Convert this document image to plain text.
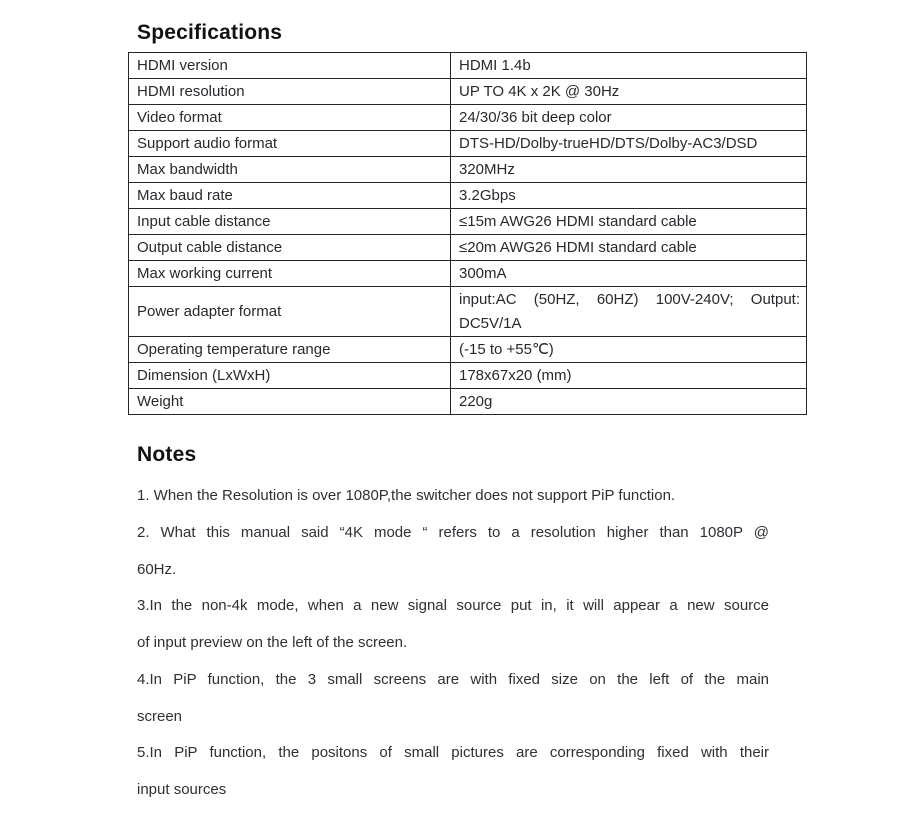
Specifications
HDMI version	HDMI 1.4b
HDMI resolution	UP TO 4K x 2K @ 30Hz
Video format	24/30/36 bit deep color
Support audio format	DTS-HD/Dolby-trueHD/DTS/Dolby-AC3/DSD
Max bandwidth	320MHz
Max baud rate	3.2Gbps
Input cable distance	≤15m AWG26 HDMI standard cable
Output cable distance	≤20m AWG26 HDMI standard cable
Max working current	300mA
Power adapter format	input:AC (50HZ, 60HZ) 100V-240V; Output:
DC5V/1A

Operating temperature range	(-15 to +55℃)
Dimension (LxWxH)	178x67x20 (mm)
Weight	220g
Notes

1. When the Resolution is over 1080P,the switcher does not support PiP function.

2. What this manual said “4K mode “ refers to a resolution higher than 1080P @
60Hz.

3.In the non-4k mode, when a new signal source put in, it will appear a new source
of input preview on the left of the screen.

4.In PiP function, the 3 small screens are with fixed size on the left of the main
screen

5.In PiP function, the positons of small pictures are corresponding fixed with their
input sources
